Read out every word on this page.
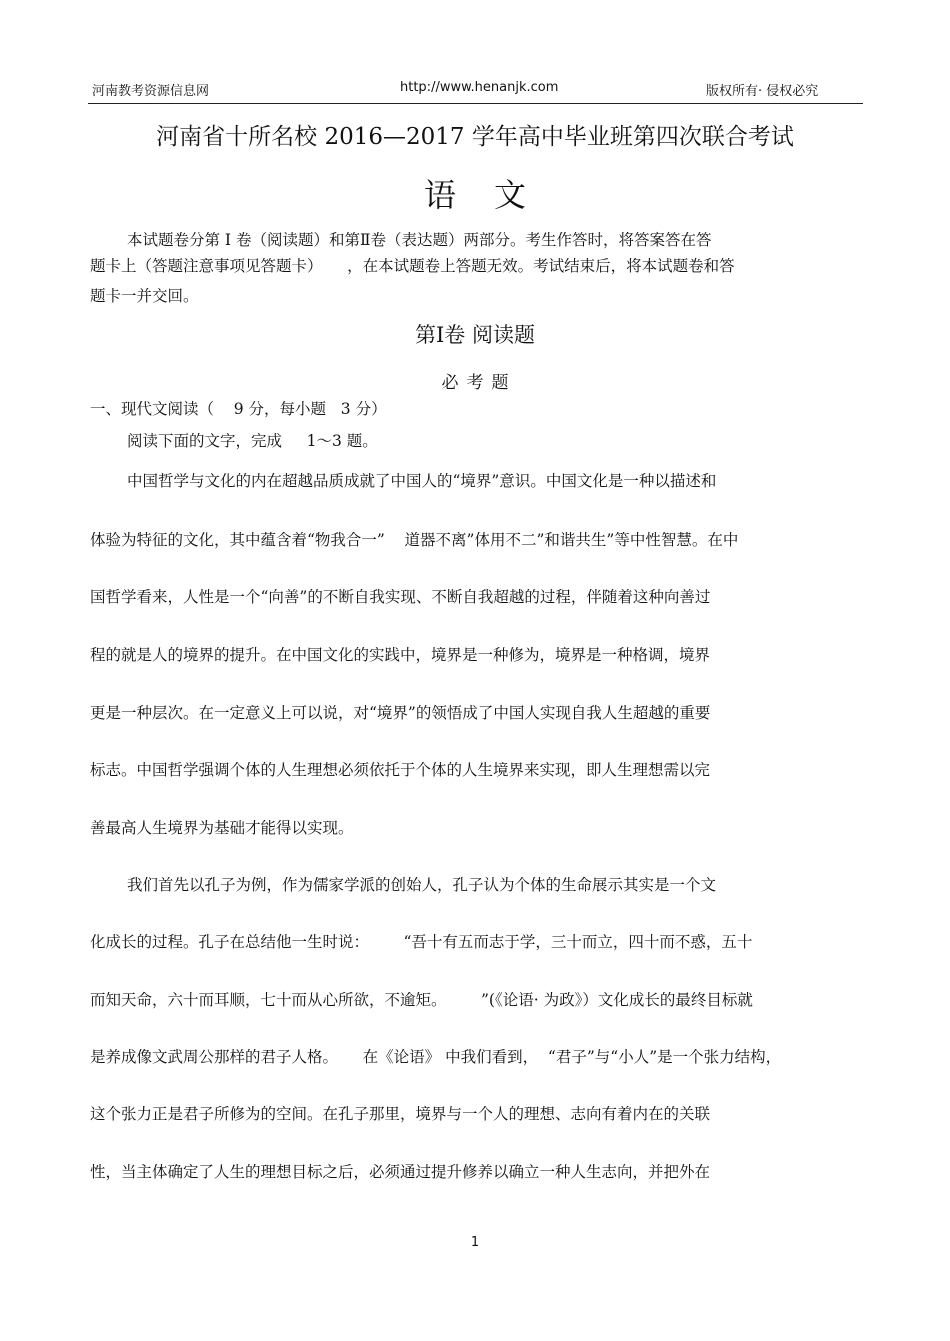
河南教考资源信息网	http://www.henanjk.com	版权所有· 侵权必究
河南省十所名校 2016—2017 学年高中毕业班第四次联合考试
语文
本试题卷分第 I 卷（阅读题）和第Ⅱ卷（表达题）两部分。考生作答时，将答案答在答
题卡上（答题注意事项见答题卡）     ，在本试题卷上答题无效。考试结束后，将本试题卷和答
题卡一并交回。
第Ⅰ卷 阅读题
必考题
一、现代文阅读（    9 分，每小题   3 分）
阅读下面的文字，完成     1～3 题。
中国哲学与文化的内在超越品质成就了中国人的“境界”意识。中国文化是一种以描述和
体验为特征的文化，其中蕴含着“物我合一”    道器不离”体用不二”和谐共生”等中性智慧。在中
国哲学看来，人性是一个“向善”的不断自我实现、不断自我超越的过程，伴随着这种向善过
程的就是人的境界的提升。在中国文化的实践中，境界是一种修为，境界是一种格调，境界
更是一种层次。在一定意义上可以说，对“境界”的领悟成了中国人实现自我人生超越的重要
标志。中国哲学强调个体的人生理想必须依托于个体的人生境界来实现，即人生理想需以完
善最高人生境界为基础才能得以实现。
我们首先以孔子为例，作为儒家学派的创始人，孔子认为个体的生命展示其实是一个文
化成长的过程。孔子在总结他一生时说：       “吾十有五而志于学，三十而立，四十而不惑，五十
而知天命，六十而耳顺，七十而从心所欲，不逾矩。       ”(《论语· 为政》）文化成长的最终目标就
是养成像文武周公那样的君子人格。     在《论语》 中我们看到，  “君子”与“小人”是一个张力结构，
这个张力正是君子所修为的空间。在孔子那里，境界与一个人的理想、志向有着内在的关联
性，当主体确定了人生的理想目标之后，必须通过提升修养以确立一种人生志向，并把外在
1
